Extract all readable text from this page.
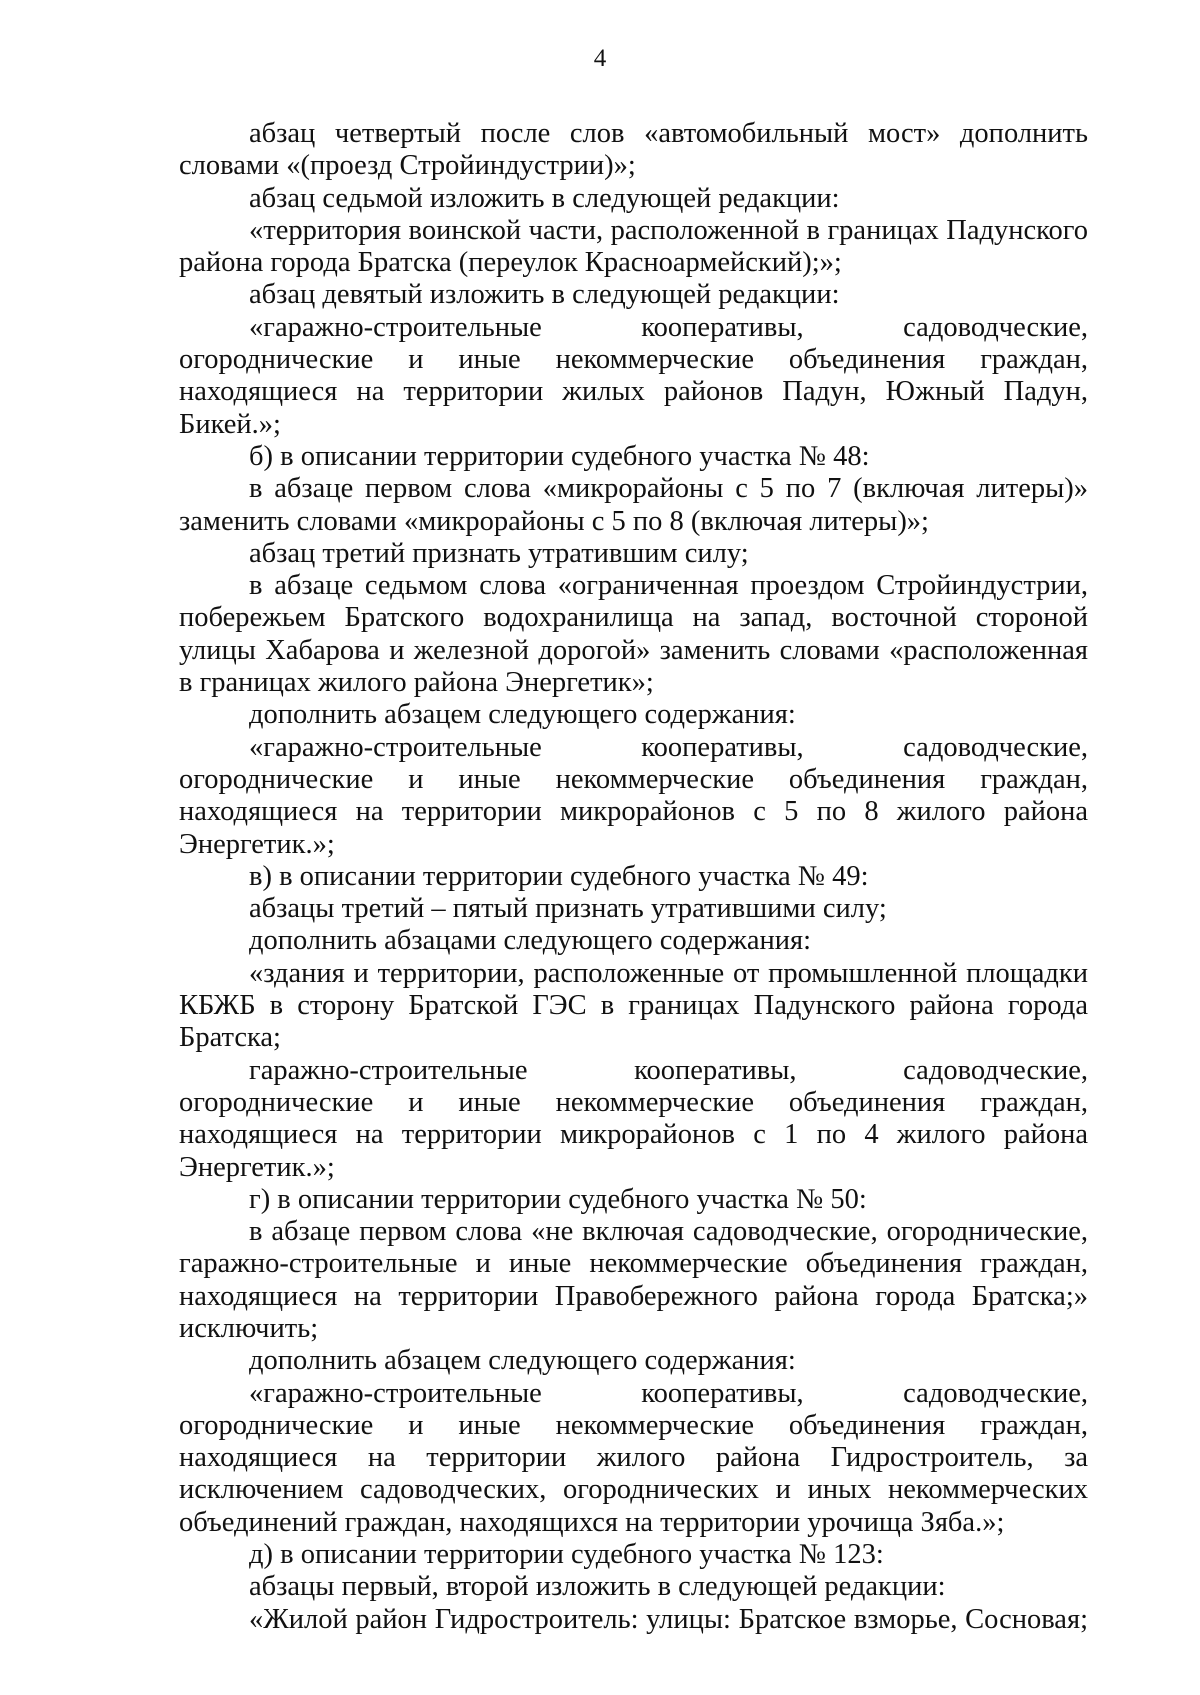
4

абзац четвертый после слов «автомобильный мост» дополнить словами «(проезд Стройиндустрии)»;

абзац седьмой изложить в следующей редакции:

«территория воинской части, расположенной в границах Падунского района города Братска (переулок Красноармейский);»;

абзац девятый изложить в следующей редакции:

«гаражно-строительные кооперативы, садоводческие, огороднические и иные некоммерческие объединения граждан, находящиеся на территории жилых районов Падун, Южный Падун, Бикей.»;

б) в описании территории судебного участка № 48:

в абзаце первом слова «микрорайоны с 5 по 7 (включая литеры)» заменить словами «микрорайоны с 5 по 8 (включая литеры)»;

абзац третий признать утратившим силу;

в абзаце седьмом слова «ограниченная проездом Стройиндустрии, побережьем Братского водохранилища на запад, восточной стороной улицы Хабарова и железной дорогой» заменить словами «расположенная в границах жилого района Энергетик»;

дополнить абзацем следующего содержания:

«гаражно-строительные кооперативы, садоводческие, огороднические и иные некоммерческие объединения граждан, находящиеся на территории микрорайонов с 5 по 8 жилого района Энергетик.»;

в) в описании территории судебного участка № 49:

абзацы третий – пятый признать утратившими силу;

дополнить абзацами следующего содержания:

«здания и территории, расположенные от промышленной площадки КБЖБ в сторону Братской ГЭС в границах Падунского района города Братска;

гаражно-строительные кооперативы, садоводческие, огороднические и иные некоммерческие объединения граждан, находящиеся на территории микрорайонов с 1 по 4 жилого района Энергетик.»;

г) в описании территории судебного участка № 50:

в абзаце первом слова «не включая садоводческие, огороднические, гаражно-строительные и иные некоммерческие объединения граждан, находящиеся на территории Правобережного района города Братска;» исключить;

дополнить абзацем следующего содержания:

«гаражно-строительные кооперативы, садоводческие, огороднические и иные некоммерческие объединения граждан, находящиеся на территории жилого района Гидростроитель, за исключением садоводческих, огороднических и иных некоммерческих объединений граждан, находящихся на территории урочища Зяба.»;

д) в описании территории судебного участка № 123:

абзацы первый, второй изложить в следующей редакции:

«Жилой район Гидростроитель: улицы: Братское взморье, Сосновая;
